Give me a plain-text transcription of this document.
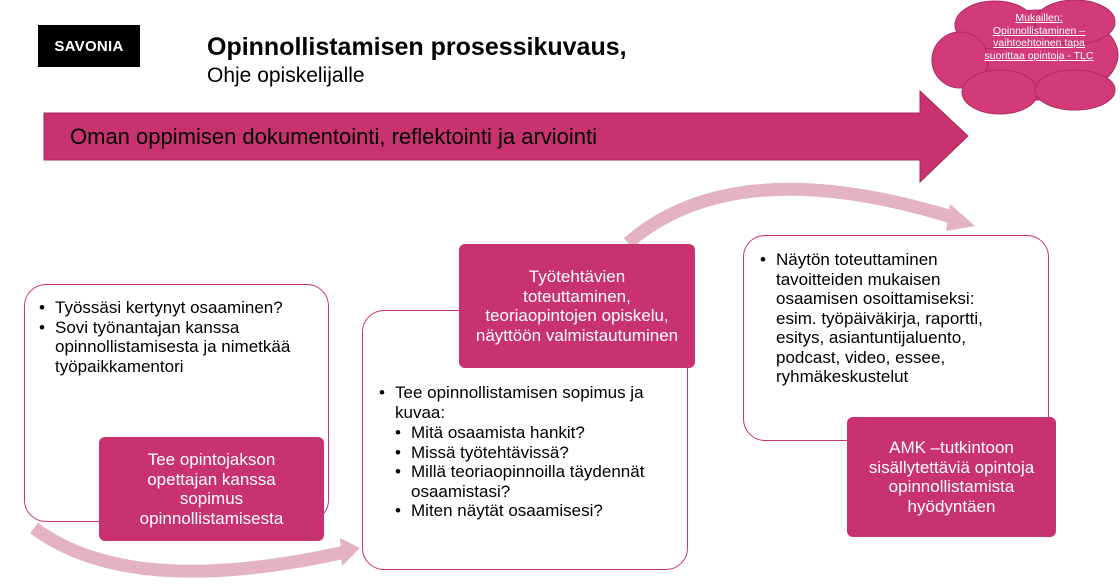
SAVONIA	Opinnollistamisen prosessikuvaus,
Ohje opiskelijalle
Mukaillen:
Opinnollistaminen –
vaihtoehtoinen tapa
suorittaa opintoja - TLC
Oman oppimisen dokumentointi, reflektointi ja arviointi
• Työssäsi kertynyt osaaminen?
• Sovi työnantajan kanssa opinnollistamisesta ja nimetkää työpaikkamentori
Tee opintojakson opettajan kanssa sopimus opinnollistamisesta
• Tee opinnollistamisen sopimus ja kuvaa:
• Mitä osaamista hankit?
• Missä työtehtävissä?
• Millä teoriaopinnoilla täydennät osaamistasi?
• Miten näytät osaamisesi?
Työtehtävien toteuttaminen, teoriaopintojen opiskelu, näyttöön valmistautuminen
• Näytön toteuttaminen tavoitteiden mukaisen osaamisen osoittamiseksi: esim. työpäiväkirja, raportti, esitys, asiantuntijaluento, podcast, video, essee, ryhmäkeskustelut
AMK –tutkintoon sisällytettäviä opintoja opinnollistamista hyödyntäen
